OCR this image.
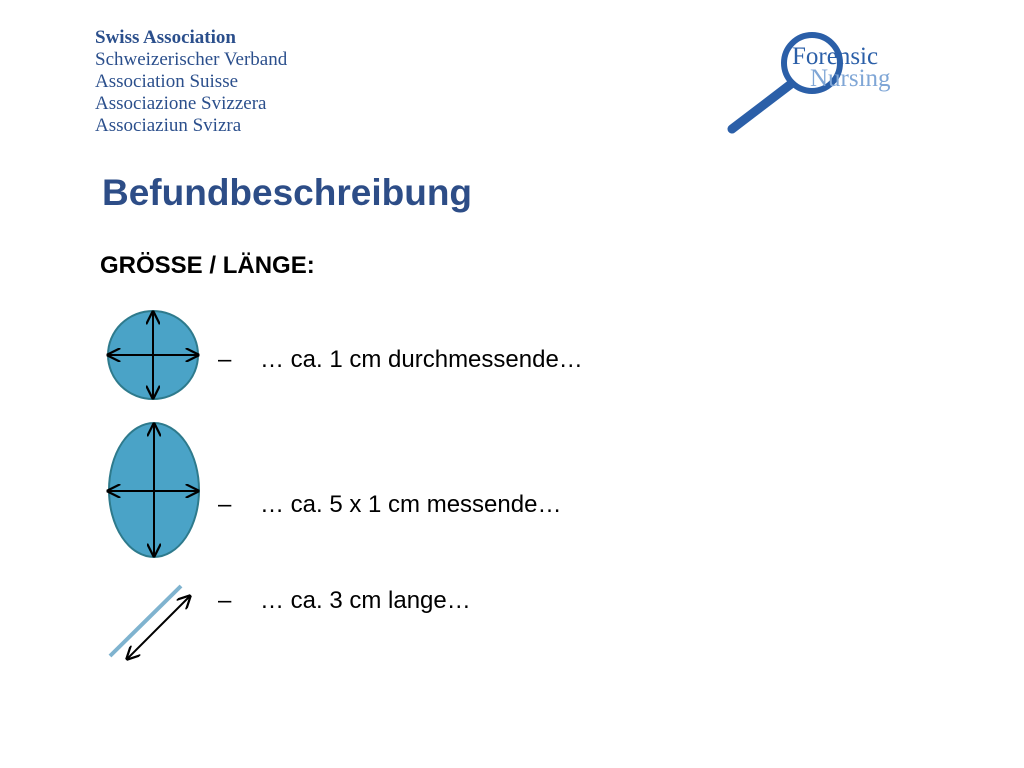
Swiss Association
Schweizerischer Verband
Association Suisse
Associazione Svizzera
Associaziun Svizra
Forensic
Nursing
Befundbeschreibung
GRÖSSE / LÄNGE:
– … ca. 1 cm durchmessende…
– … ca. 5 x 1 cm messende…
– … ca. 3 cm lange…
